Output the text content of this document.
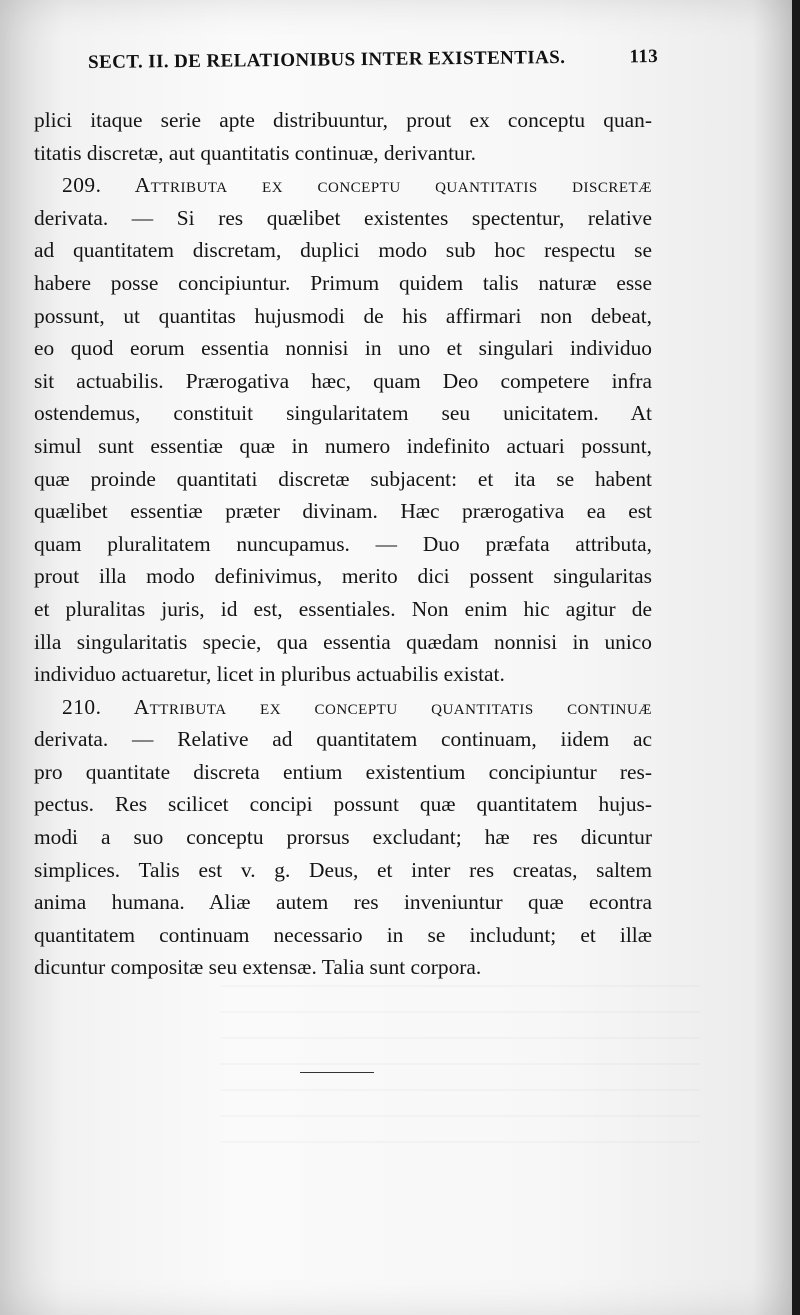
SECT. II. DE RELATIONIBUS INTER EXISTENTIAS.	113
plici itaque serie apte distribuuntur, prout ex conceptu quan-
titatis discretæ, aut quantitatis continuæ, derivantur.
209. Attributa ex conceptu quantitatis discretæ
derivata. — Si res quælibet existentes spectentur, relative
ad quantitatem discretam, duplici modo sub hoc respectu se
habere posse concipiuntur. Primum quidem talis naturæ esse
possunt, ut quantitas hujusmodi de his affirmari non debeat,
eo quod eorum essentia nonnisi in uno et singulari individuo
sit actuabilis. Prærogativa hæc, quam Deo competere infra
ostendemus, constituit singularitatem seu unicitatem. At
simul sunt essentiæ quæ in numero indefinito actuari possunt,
quæ proinde quantitati discretæ subjacent: et ita se habent
quælibet essentiæ præter divinam. Hæc prærogativa ea est
quam pluralitatem nuncupamus. — Duo præfata attributa,
prout illa modo definivimus, merito dici possent singularitas
et pluralitas juris, id est, essentiales. Non enim hic agitur de
illa singularitatis specie, qua essentia quædam nonnisi in unico
individuo actuaretur, licet in pluribus actuabilis existat.
210. Attributa ex conceptu quantitatis continuæ
derivata. — Relative ad quantitatem continuam, iidem ac
pro quantitate discreta entium existentium concipiuntur res-
pectus. Res scilicet concipi possunt quæ quantitatem hujus-
modi a suo conceptu prorsus excludant; hæ res dicuntur
simplices. Talis est v. g. Deus, et inter res creatas, saltem
anima humana. Aliæ autem res inveniuntur quæ econtra
quantitatem continuam necessario in se includunt; et illæ
dicuntur compositæ seu extensæ. Talia sunt corpora.
